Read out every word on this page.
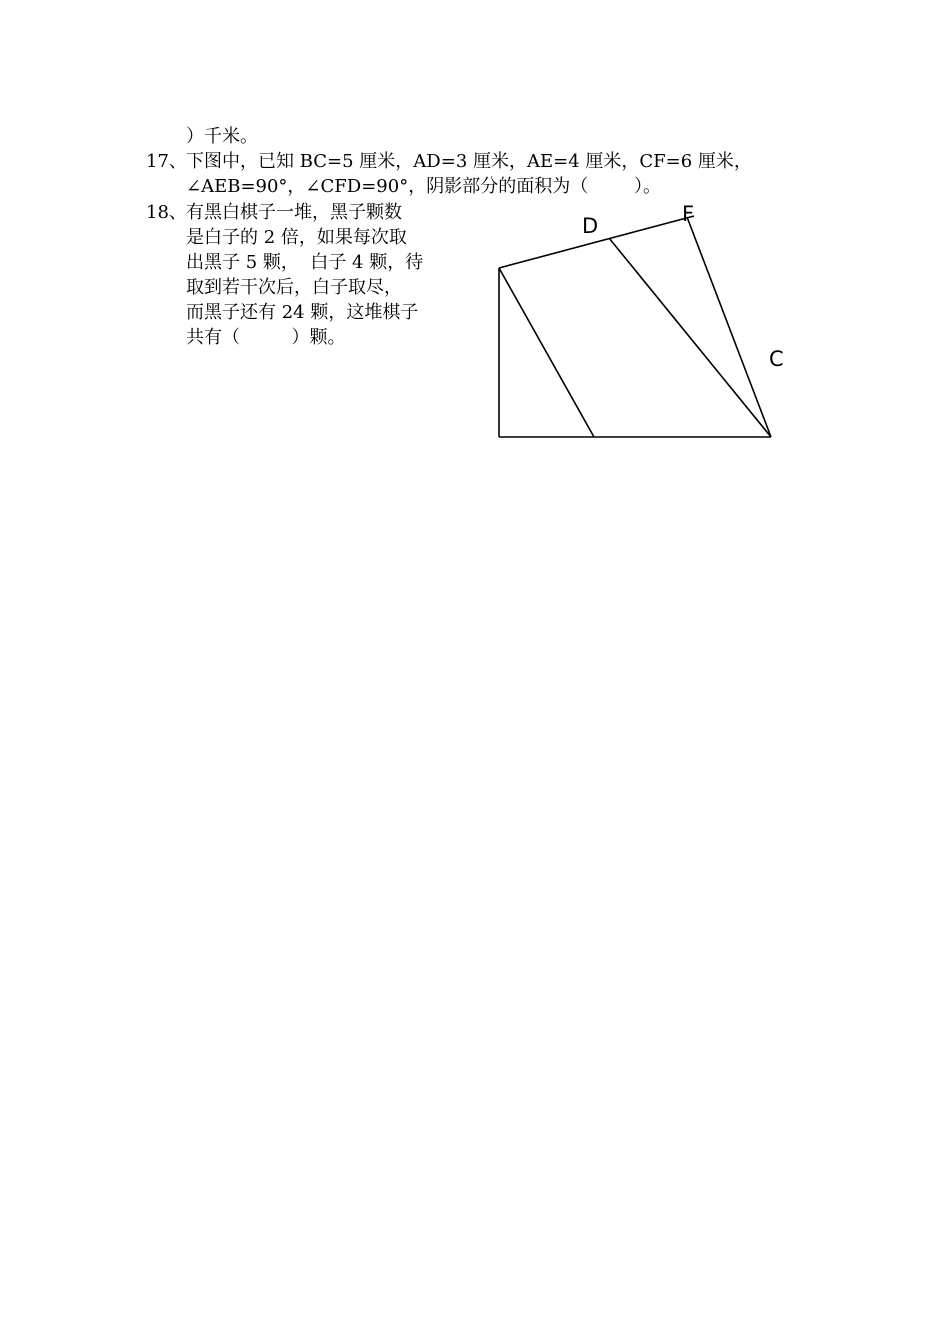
）千米。
17、 下图中，已知 BC=5 厘米，AD=3 厘米，AE=4 厘米，CF=6 厘米，
∠AEB=90°，∠CFD=90°，阴影部分的面积为（        ）。
18、 有黑白棋子一堆，黑子颗数
是白子的 2 倍，如果每次取
出黑子 5 颗，  白子 4 颗，待
取到若干次后，白子取尽，
而黑子还有 24 颗，这堆棋子
共有（         ）颗。
D	F
C
